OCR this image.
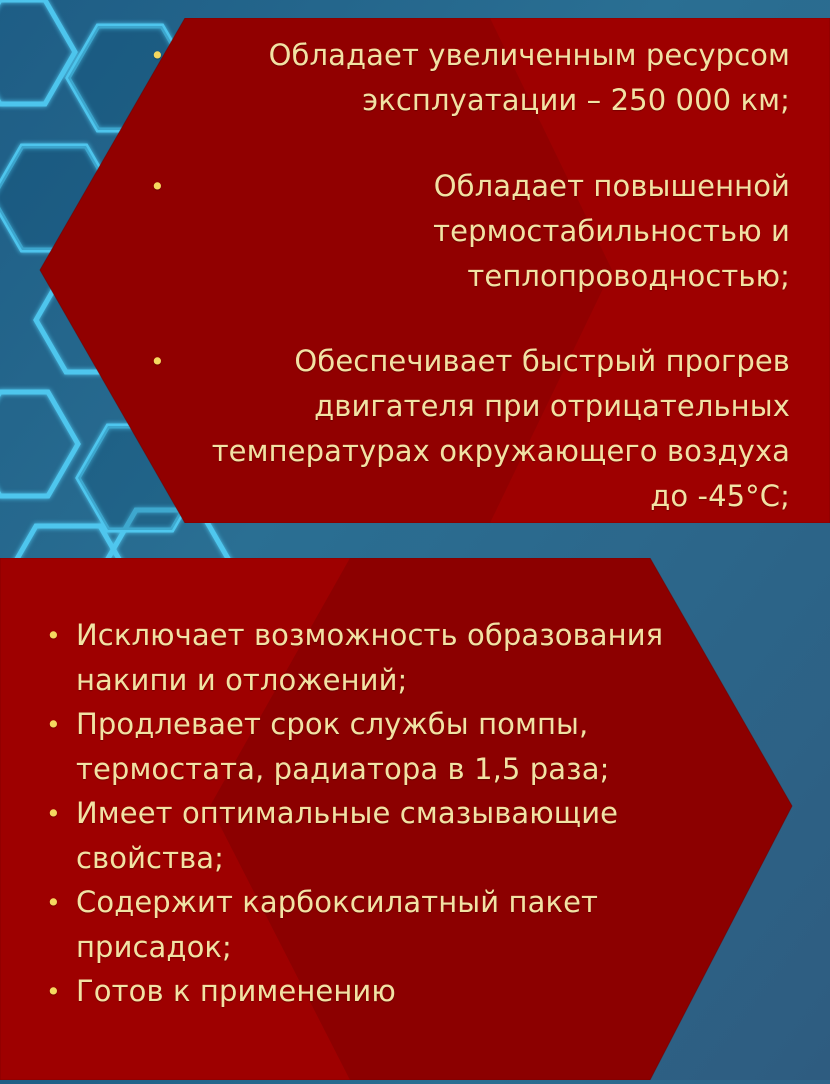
•	Обладает увеличенным ресурсом
эксплуатации – 250 000 км;
•	Обладает повышенной
термостабильностью и
теплопроводностью;
•	Обеспечивает быстрый прогрев
двигателя при отрицательных
температурах окружающего воздуха
до -45°С;
• Исключает возможность образования
накипи и отложений;
• Продлевает срок службы помпы,
термостата, радиатора в 1,5 раза;
• Имеет оптимальные смазывающие
свойства;
• Содержит карбоксилатный пакет
присадок;
• Готов к применению
